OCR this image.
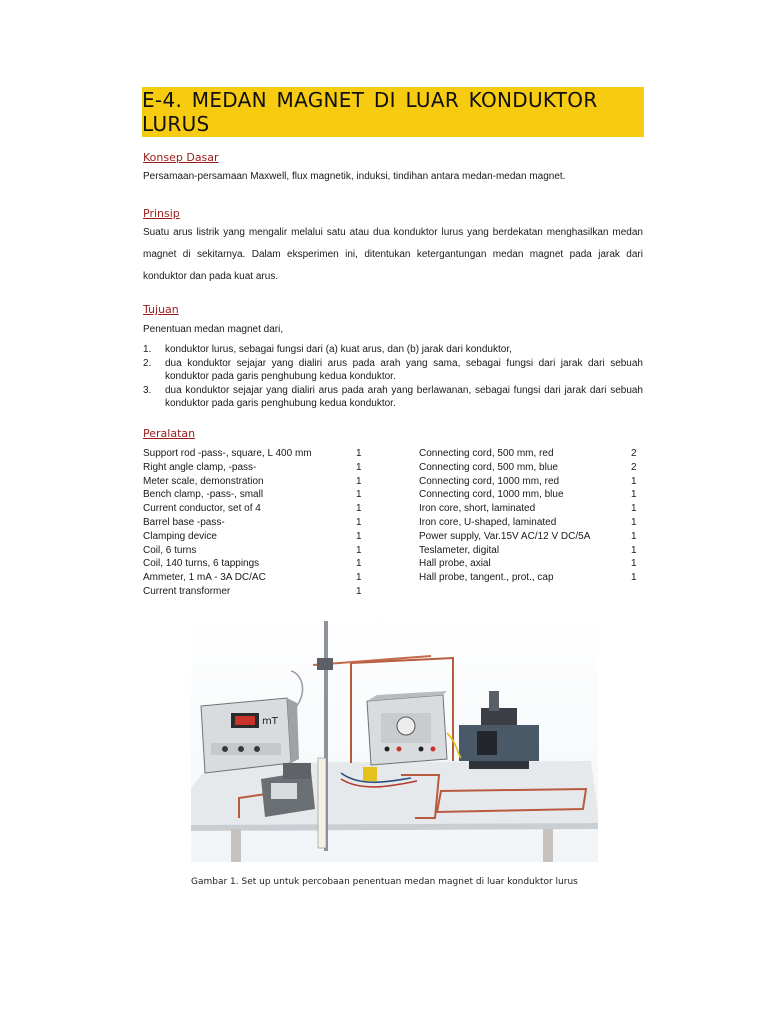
E-4. MEDAN MAGNET DI LUAR KONDUKTOR LURUS

Konsep Dasar

Persamaan-persamaan Maxwell, flux magnetik, induksi, tindihan antara medan-medan magnet.

Prinsip

Suatu arus listrik yang mengalir melalui satu atau dua konduktor lurus yang berdekatan menghasilkan medan magnet di sekitarnya. Dalam eksperimen ini, ditentukan ketergantungan medan magnet pada jarak dari konduktor dan pada kuat arus.

Tujuan

Penentuan medan magnet dari,

1. konduktor lurus, sebagai fungsi dari (a) kuat arus, dan (b) jarak dari konduktor,
2. dua konduktor sejajar yang dialiri arus pada arah yang sama, sebagai fungsi dari jarak dari sebuah konduktor pada garis penghubung kedua konduktor.
3. dua konduktor sejajar yang dialiri arus pada arah yang berlawanan, sebagai fungsi dari jarak dari sebuah konduktor pada garis penghubung kedua konduktor.

Peralatan

Support rod -pass-, square, L 400 mm	1
Right angle clamp, -pass-	1
Meter scale, demonstration	1
Bench clamp, -pass-, small	1
Current conductor, set of 4	1
Barrel base -pass-	1
Clamping device	1
Coil, 6 turns	1
Coil, 140 turns, 6 tappings	1
Ammeter, 1 mA - 3A DC/AC	1
Current transformer	1
Connecting cord, 500 mm, red	2
Connecting cord, 500 mm, blue	2
Connecting cord, 1000 mm, red	1
Connecting cord, 1000 mm, blue	1
Iron core, short, laminated	1
Iron core, U-shaped, laminated	1
Power supply, Var.15V AC/12 V DC/5A	1
Teslameter, digital	1
Hall probe, axial	1
Hall probe, tangent., prot., cap	1
mT
Gambar 1. Set up untuk percobaan penentuan medan magnet di luar konduktor lurus
